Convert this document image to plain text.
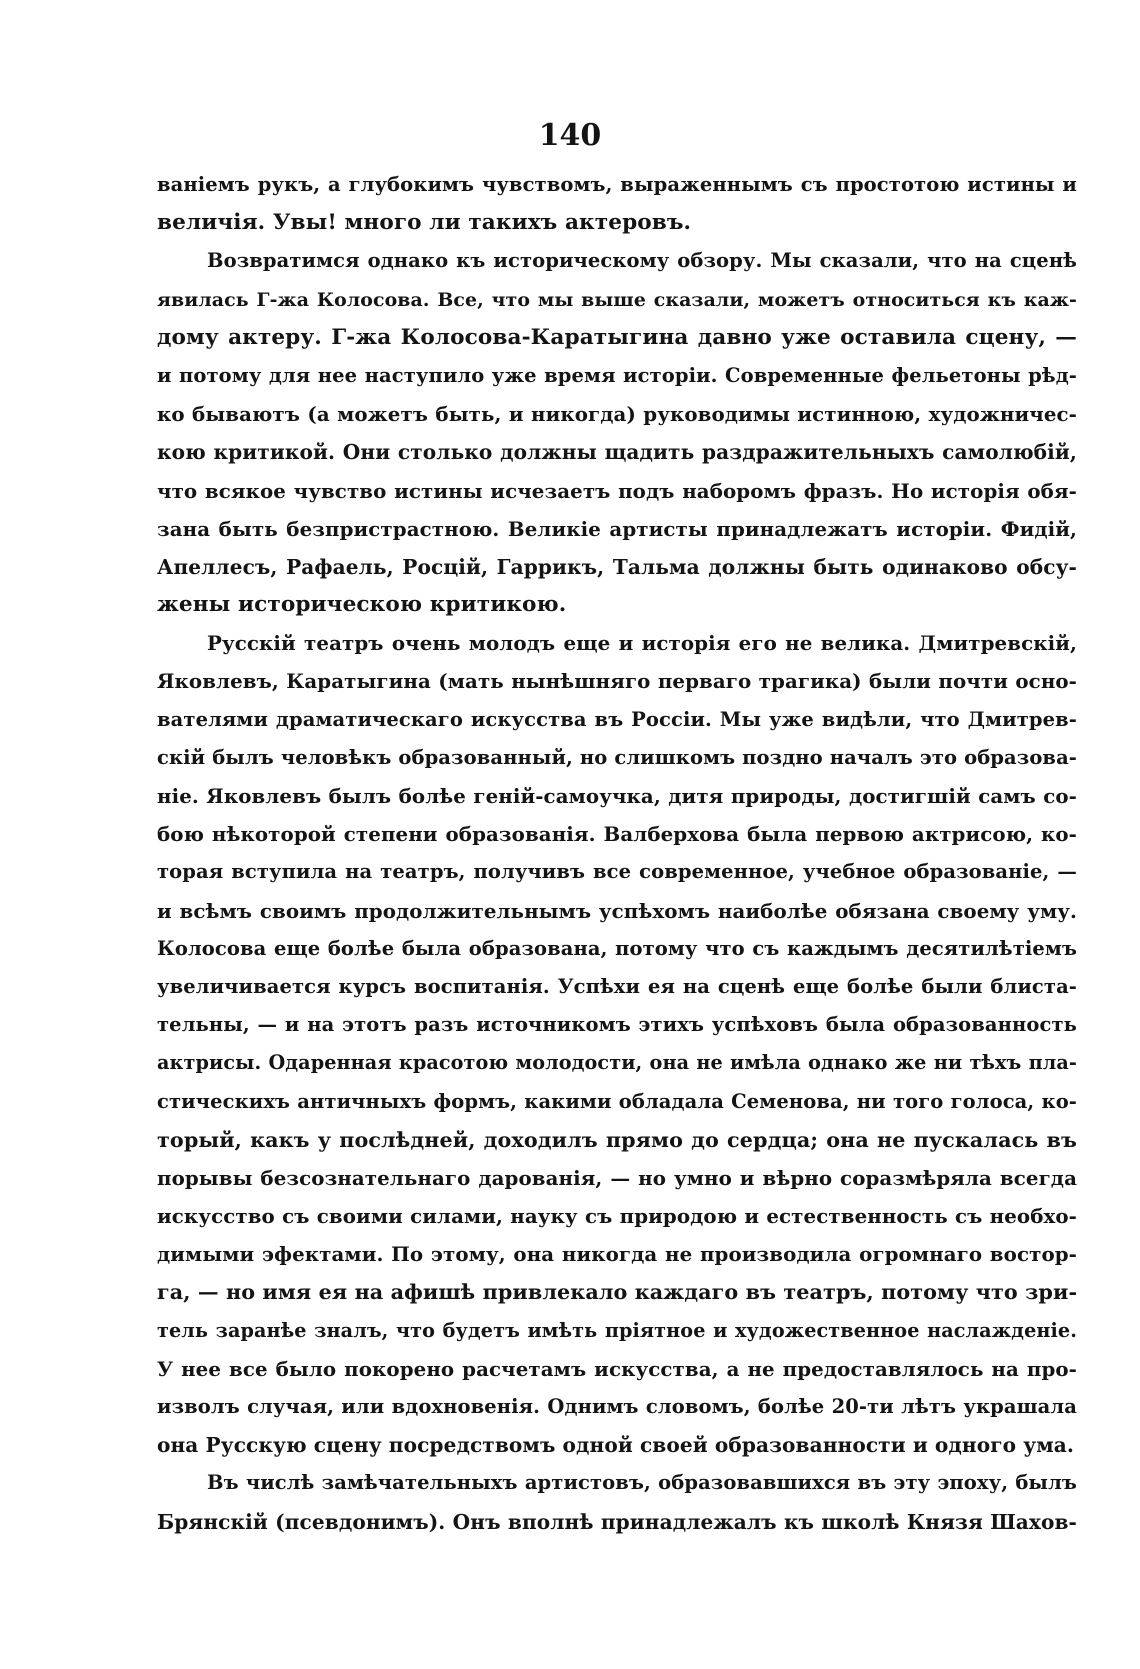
140
ваніемъ рукъ, а глубокимъ чувствомъ, выраженнымъ съ простотою истины и
величія. Увы! много ли такихъ актеровъ.
Возвратимся однако къ историческому обзору. Мы сказали, что на сценѣ
явилась Г-жа Колосова. Все, что мы выше сказали, можетъ относиться къ каж-
дому актеру. Г-жа Колосова-Каратыгина давно уже оставила сцену, —
и потому для нее наступило уже время исторіи. Современные фельетоны рѣд-
ко бываютъ (а можетъ быть, и никогда) руководимы истинною, художничес-
кою критикой. Они столько должны щадить раздражительныхъ самолюбій,
что всякое чувство истины исчезаетъ подъ наборомъ фразъ. Но исторія обя-
зана быть безпристрастною. Великіе артисты принадлежатъ исторіи. Фидій,
Апеллесъ, Рафаель, Росцій, Гаррикъ, Тальма должны быть одинаково обсу-
жены историческою критикою.
Русскій театръ очень молодъ еще и исторія его не велика. Дмитревскій,
Яковлевъ, Каратыгина (мать нынѣшняго перваго трагика) были почти осно-
вателями драматическаго искусства въ Россіи. Мы уже видѣли, что Дмитрев-
скій былъ человѣкъ образованный, но слишкомъ поздно началъ это образова-
ніе. Яковлевъ былъ болѣе геній-самоучка, дитя природы, достигшій самъ со-
бою нѣкоторой степени образованія. Валберхова была первою актрисою, ко-
торая вступила на театръ, получивъ все современное, учебное образованіе, —
и всѣмъ своимъ продолжительнымъ успѣхомъ наиболѣе обязана своему уму.
Колосова еще болѣе была образована, потому что съ каждымъ десятилѣтіемъ
увеличивается курсъ воспитанія. Успѣхи ея на сценѣ еще болѣе были блиста-
тельны, — и на этотъ разъ источникомъ этихъ успѣховъ была образованность
актрисы. Одаренная красотою молодости, она не имѣла однако же ни тѣхъ пла-
стическихъ античныхъ формъ, какими обладала Семенова, ни того голоса, ко-
торый, какъ у послѣдней, доходилъ прямо до сердца; она не пускалась въ
порывы безсознательнаго дарованія, — но умно и вѣрно соразмѣряла всегда
искусство съ своими силами, науку съ природою и естественность съ необхо-
димыми эфектами. По этому, она никогда не производила огромнаго востор-
га, — но имя ея на афишѣ привлекало каждаго въ театръ, потому что зри-
тель заранѣе зналъ, что будетъ имѣть пріятное и художественное наслажденіе.
У нее все было покорено расчетамъ искусства, а не предоставлялось на про-
изволъ случая, или вдохновенія. Однимъ словомъ, болѣе 20-ти лѣтъ украшала
она Русскую сцену посредствомъ одной своей образованности и одного ума.
Въ числѣ замѣчательныхъ артистовъ, образовавшихся въ эту эпоху, былъ
Брянскій (псевдонимъ). Онъ вполнѣ принадлежалъ къ школѣ Князя Шахов-
